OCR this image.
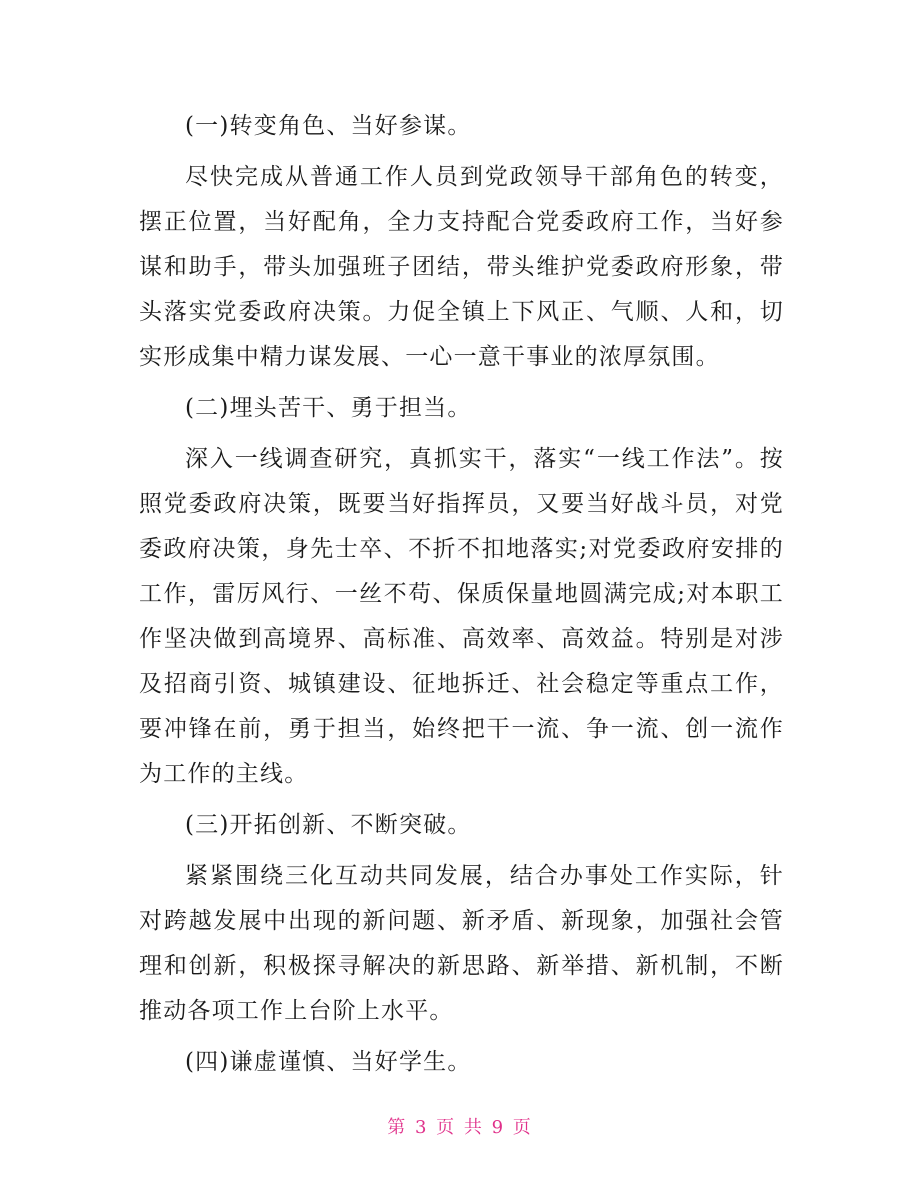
(一)转变角色、当好参谋。

尽快完成从普通工作人员到党政领导干部角色的转变，摆正位置，当好配角，全力支持配合党委政府工作，当好参谋和助手，带头加强班子团结，带头维护党委政府形象，带头落实党委政府决策。力促全镇上下风正、气顺、人和，切实形成集中精力谋发展、一心一意干事业的浓厚氛围。

(二)埋头苦干、勇于担当。

深入一线调查研究，真抓实干，落实“一线工作法”。按照党委政府决策，既要当好指挥员，又要当好战斗员，对党委政府决策，身先士卒、不折不扣地落实;对党委政府安排的工作，雷厉风行、一丝不苟、保质保量地圆满完成;对本职工作坚决做到高境界、高标准、高效率、高效益。特别是对涉及招商引资、城镇建设、征地拆迁、社会稳定等重点工作，要冲锋在前，勇于担当，始终把干一流、争一流、创一流作为工作的主线。

(三)开拓创新、不断突破。

紧紧围绕三化互动共同发展，结合办事处工作实际，针对跨越发展中出现的新问题、新矛盾、新现象，加强社会管理和创新，积极探寻解决的新思路、新举措、新机制，不断推动各项工作上台阶上水平。

(四)谦虚谨慎、当好学生。

第 3 页 共 9 页
